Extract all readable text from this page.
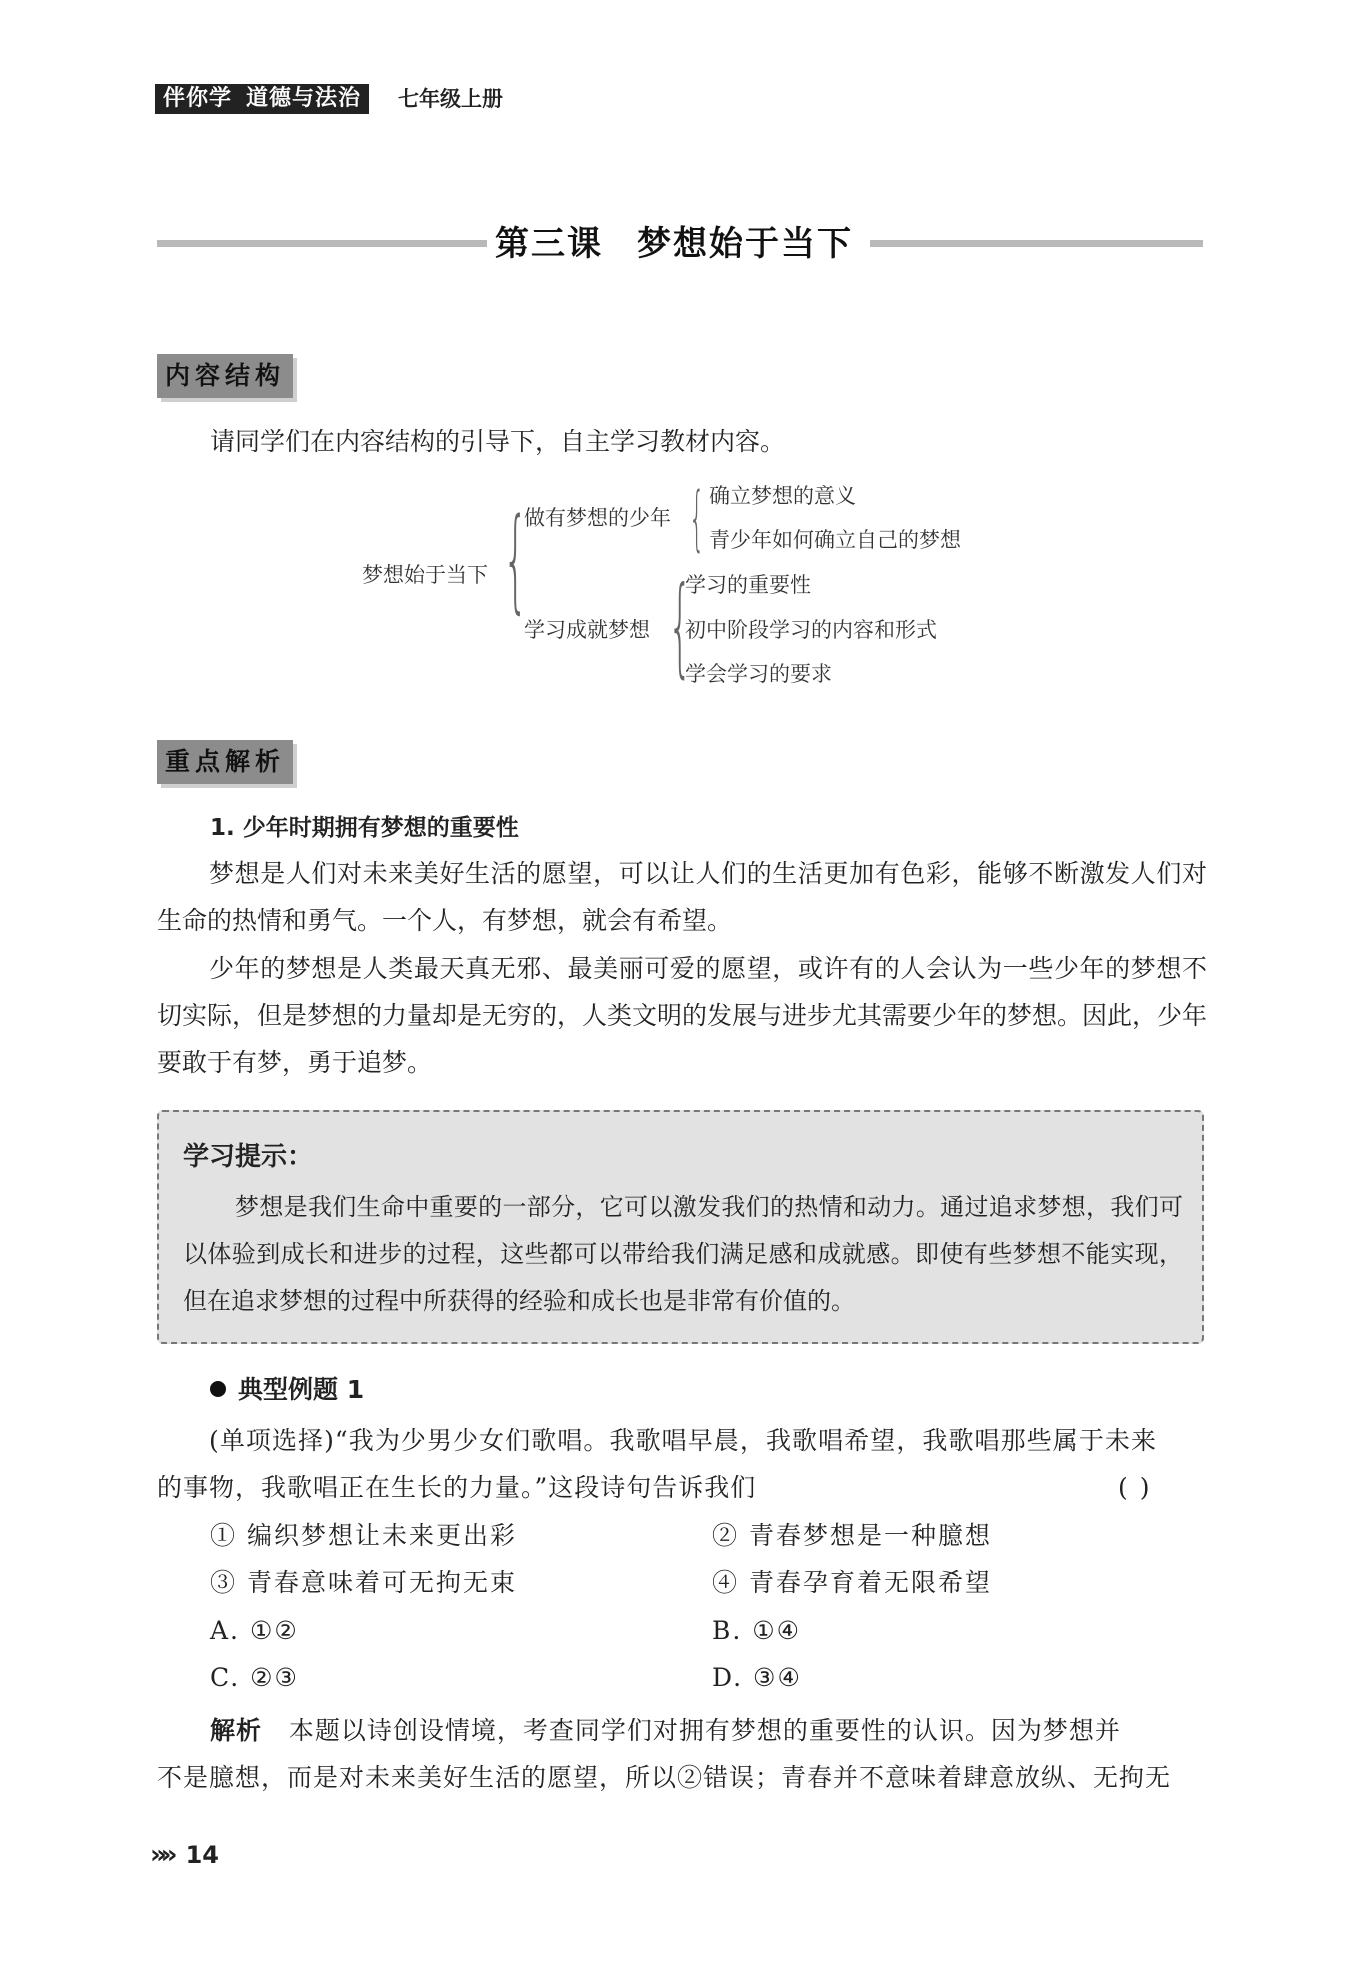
伴你学 道德与法治	七年级上册
第三课 梦想始于当下
内容结构
请同学们在内容结构的引导下，自主学习教材内容。
梦想始于当下 {
做有梦想的少年 { 确立梦想的意义
青少年如何确立自己的梦想
学习成就梦想 {
学习的重要性
初中阶段学习的内容和形式
学会学习的要求
重点解析
1. 少年时期拥有梦想的重要性
梦想是人们对未来美好生活的愿望，可以让人们的生活更加有色彩，能够不断激发人们对生命的热情和勇气。一个人，有梦想，就会有希望。
少年的梦想是人类最天真无邪、最美丽可爱的愿望，或许有的人会认为一些少年的梦想不切实际，但是梦想的力量却是无穷的，人类文明的发展与进步尤其需要少年的梦想。因此，少年要敢于有梦，勇于追梦。
学习提示：
梦想是我们生命中重要的一部分，它可以激发我们的热情和动力。通过追求梦想，我们可以体验到成长和进步的过程，这些都可以带给我们满足感和成就感。即使有些梦想不能实现，但在追求梦想的过程中所获得的经验和成长也是非常有价值的。
典型例题 1
(单项选择)“我为少男少女们歌唱。我歌唱早晨，我歌唱希望，我歌唱那些属于未来的事物，我歌唱正在生长的力量。”这段诗句告诉我们	( )
① 编织梦想让未来更出彩	② 青春梦想是一种臆想
③ 青春意味着可无拘无束	④ 青春孕育着无限希望
A. ①②	B. ①④
C. ②③	D. ③④
解析 本题以诗创设情境，考查同学们对拥有梦想的重要性的认识。因为梦想并
不是臆想，而是对未来美好生活的愿望，所以②错误；青春并不意味着肆意放纵、无拘无
»» 14
